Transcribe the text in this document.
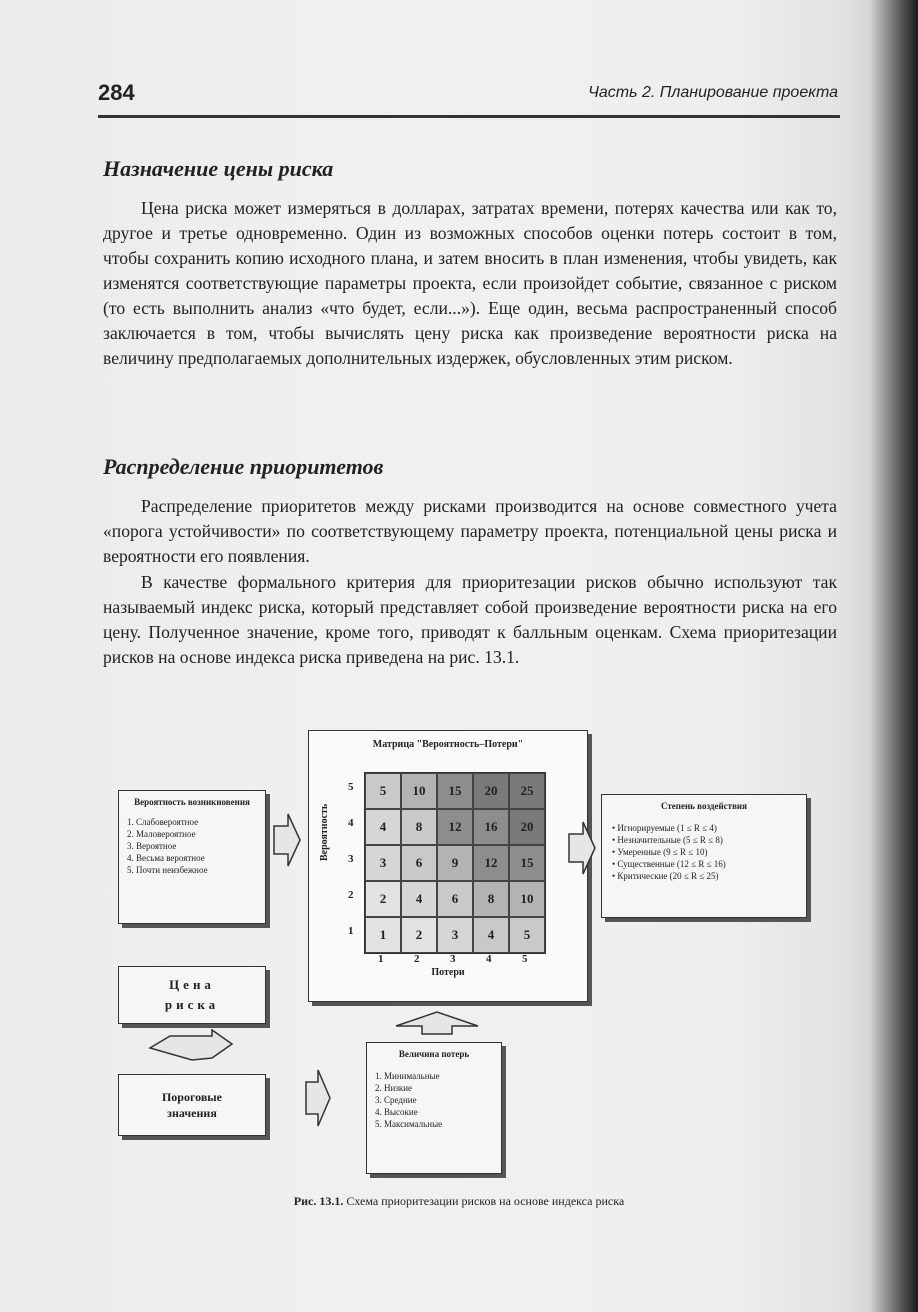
284	Часть 2. Планирование проекта
Назначение цены риска

Цена риска может измеряться в долларах, затратах времени, потерях качества или как то, другое и третье одновременно. Один из возможных способов оценки потерь состоит в том, чтобы сохранить копию исходного плана, и затем вносить в план изменения, чтобы увидеть, как изменятся соответствующие параметры проекта, если произойдет событие, связанное с риском (то есть выполнить анализ «что будет, если...»). Еще один, весьма распространенный способ заключается в том, чтобы вычислять цену риска как произведение вероятности риска на величину предполагаемых дополнительных издержек, обусловленных этим риском.

Распределение приоритетов

Распределение приоритетов между рисками производится на основе совместного учета «порога устойчивости» по соответствующему параметру проекта, потенциальной цены риска и вероятности его появления.

В качестве формального критерия для приоритезации рисков обычно используют так называемый индекс риска, который представляет собой произведение вероятности риска на его цену. Полученное значение, кроме того, приводят к балльным оценкам. Схема приоритезации рисков на основе индекса риска приведена на рис. 13.1.

Матрица "Вероятность–Потери"
Вероятность
Потери
5	10	15	20	25
4	8	12	16	20
3	6	9	12	15
2	4	6	8	10
1	2	3	4	5
5
4
3
2
1
1	2	3	4	5
Вероятность возникновения
1. Слабовероятное
2. Маловероятное
3. Вероятное
4. Весьма вероятное
5. Почти неизбежное
Степень воздействия
• Игнорируемые (1 ≤ R ≤ 4)
• Незначительные (5 ≤ R ≤ 8)
• Умеренные (9 ≤ R ≤ 10)
• Существенные (12 ≤ R ≤ 16)
• Критические (20 ≤ R ≤ 25)
Цена риска
Пороговые значения
Величина потерь
1. Минимальные
2. Низкие
3. Средние
4. Высокие
5. Максимальные
Рис. 13.1. Схема приоритезации рисков на основе индекса риска
